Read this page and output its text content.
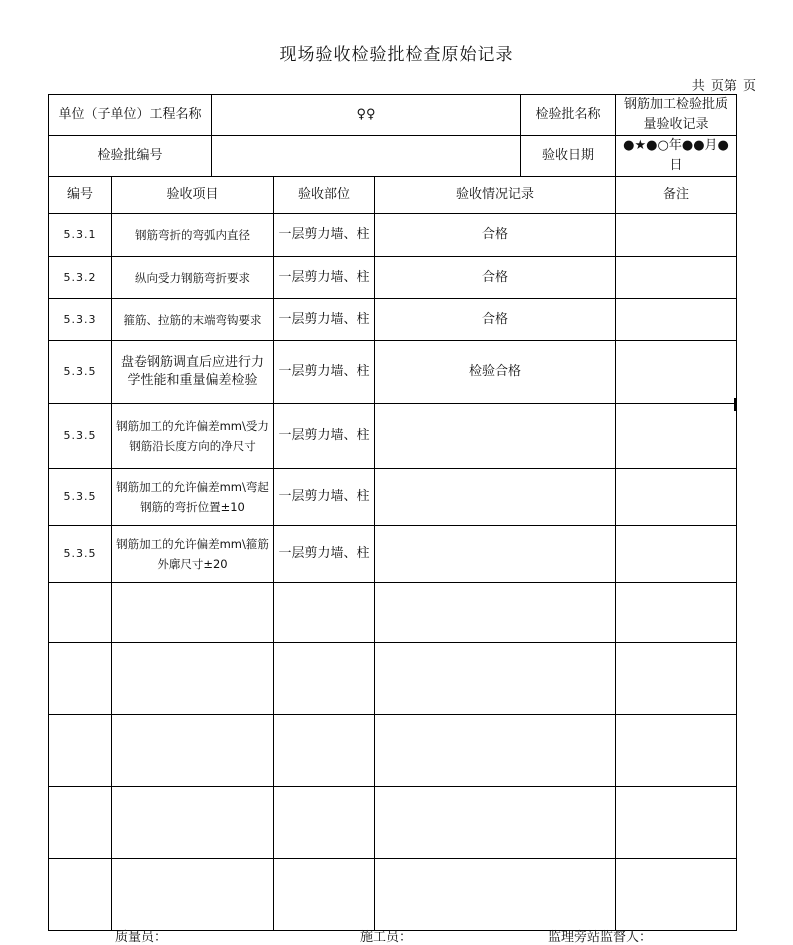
现场验收检验批检查原始记录
共 页第 页
单位（子单位）工程名称		♀♀			检验批名称	钢筋加工检验批质量验收记录
检验批编号					验收日期	●★●○年●●月●日
编号	验收项目		验收部位	验收情况记录		备注
5.3.1	钢筋弯折的弯弧内直径		一层剪力墙、柱	合格		
5.3.2	纵向受力钢筋弯折要求		一层剪力墙、柱	合格		
5.3.3	箍筋、拉筋的末端弯钩要求		一层剪力墙、柱	合格		
5.3.5	盘卷钢筋调直后应进行力学性能和重量偏差检验		一层剪力墙、柱	检验合格		
5.3.5	钢筋加工的允许偏差mm\受力钢筋沿长度方向的净尺寸		一层剪力墙、柱			
5.3.5	钢筋加工的允许偏差mm\弯起钢筋的弯折位置±10		一层剪力墙、柱			
5.3.5	钢筋加工的允许偏差mm\箍筋外廓尺寸±20		一层剪力墙、柱			

质量员：	施工员：	监理旁站监督人：
